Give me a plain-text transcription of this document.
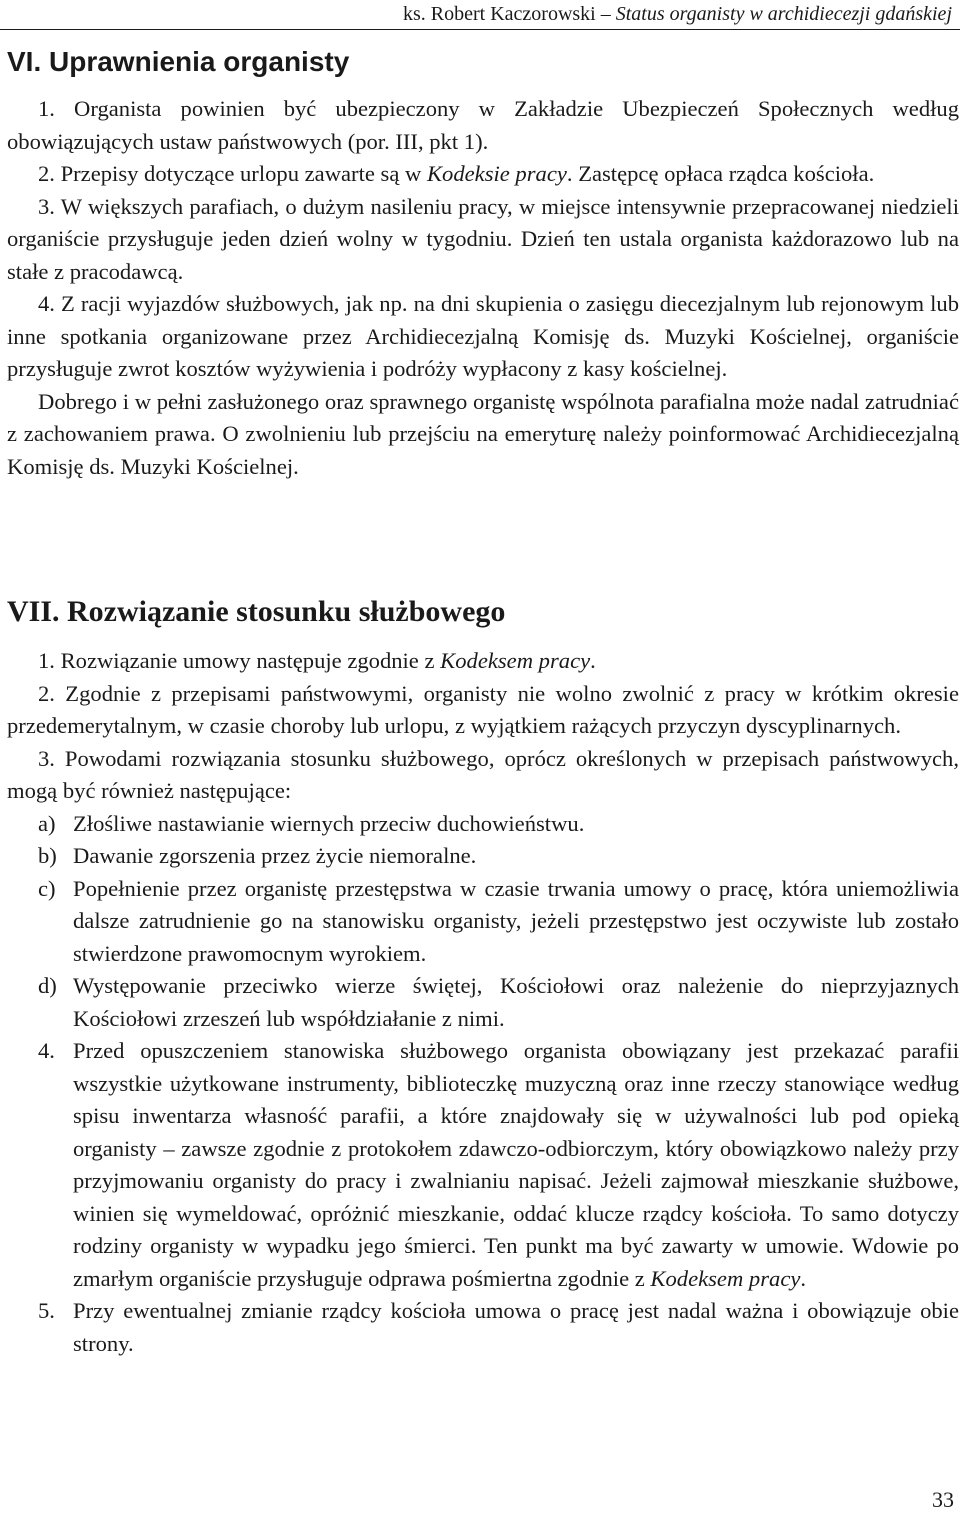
ks. Robert Kaczorowski – Status organisty w archidiecezji gdańskiej
VI. Uprawnienia organisty

1. Organista powinien być ubezpieczony w Zakładzie Ubezpieczeń Społecznych według obowiązujących ustaw państwowych (por. III, pkt 1).

2. Przepisy dotyczące urlopu zawarte są w Kodeksie pracy. Zastępcę opłaca rządca kościoła.

3. W większych parafiach, o dużym nasileniu pracy, w miejsce intensywnie przepracowanej niedzieli organiście przysługuje jeden dzień wolny w tygodniu. Dzień ten ustala organista każdorazowo lub na stałe z pracodawcą.

4. Z racji wyjazdów służbowych, jak np. na dni skupienia o zasięgu diecezjalnym lub rejonowym lub inne spotkania organizowane przez Archidiecezjalną Komisję ds. Muzyki Kościelnej, organiście przysługuje zwrot kosztów wyżywienia i podróży wypłacony z kasy kościelnej.

Dobrego i w pełni zasłużonego oraz sprawnego organistę wspólnota parafialna może nadal zatrudniać z zachowaniem prawa. O zwolnieniu lub przejściu na emeryturę należy poinformować Archidiecezjalną Komisję ds. Muzyki Kościelnej.

VII. Rozwiązanie stosunku służbowego

1. Rozwiązanie umowy następuje zgodnie z Kodeksem pracy.

2. Zgodnie z przepisami państwowymi, organisty nie wolno zwolnić z pracy w krótkim okresie przedemerytalnym, w czasie choroby lub urlopu, z wyjątkiem rażących przyczyn dyscyplinarnych.

3. Powodami rozwiązania stosunku służbowego, oprócz określonych w przepisach państwowych, mogą być również następujące:

a) Złośliwe nastawianie wiernych przeciw duchowieństwu.
b) Dawanie zgorszenia przez życie niemoralne.
c) Popełnienie przez organistę przestępstwa w czasie trwania umowy o pracę, która uniemożliwia dalsze zatrudnienie go na stanowisku organisty, jeżeli przestępstwo jest oczywiste lub zostało stwierdzone prawomocnym wyrokiem.
d) Występowanie przeciwko wierze świętej, Kościołowi oraz należenie do nieprzyjaznych Kościołowi zrzeszeń lub współdziałanie z nimi.
4. Przed opuszczeniem stanowiska służbowego organista obowiązany jest przekazać parafii wszystkie użytkowane instrumenty, biblioteczkę muzyczną oraz inne rzeczy stanowiące według spisu inwentarza własność parafii, a które znajdowały się w używalności lub pod opieką organisty – zawsze zgodnie z protokołem zdawczo-odbiorczym, który obowiązkowo należy przy przyjmowaniu organisty do pracy i zwalnianiu napisać. Jeżeli zajmował mieszkanie służbowe, winien się wymeldować, opróżnić mieszkanie, oddać klucze rządcy kościoła. To samo dotyczy rodziny organisty w wypadku jego śmierci. Ten punkt ma być zawarty w umowie. Wdowie po zmarłym organiście przysługuje odprawa pośmiertna zgodnie z Kodeksem pracy.
5. Przy ewentualnej zmianie rządcy kościoła umowa o pracę jest nadal ważna i obowiązuje obie strony.
33
